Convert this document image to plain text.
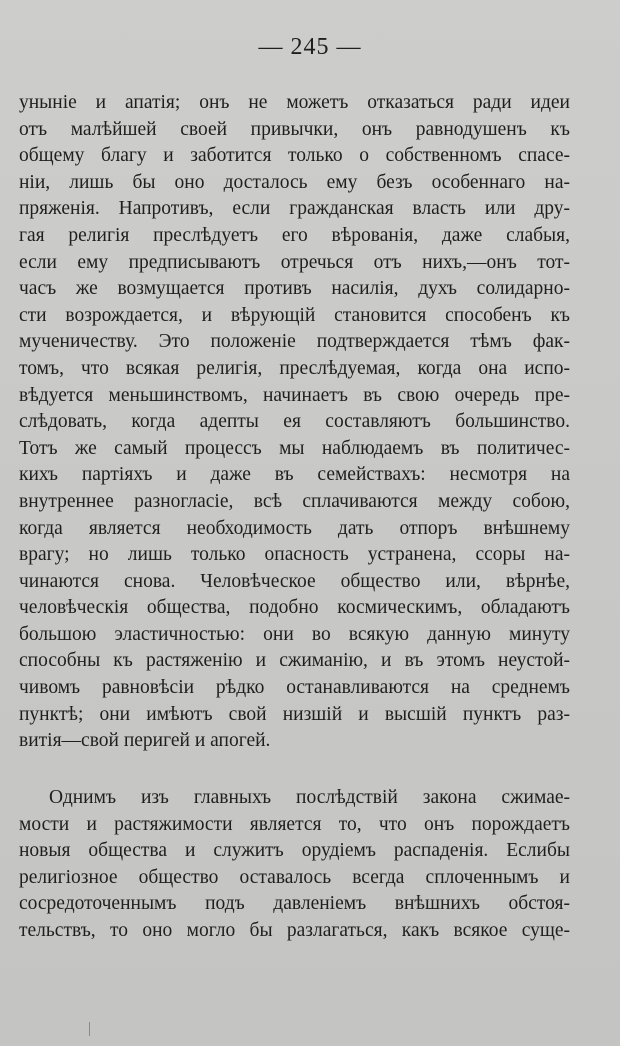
— 245 —
унынiе и апатiя; онъ не можетъ отказаться ради идеи
отъ малѣйшей своей привычки, онъ равнодушенъ къ
общему благу и заботится только о собственномъ спасе-
нiи, лишь бы оно досталось ему безъ особеннаго на-
пряженiя. Напротивъ, если гражданская власть или дру-
гая религiя преслѣдуетъ его вѣрованiя, даже слабыя,
если ему предписываютъ отречься отъ нихъ,—онъ тот-
часъ же возмущается противъ насилiя, духъ солидарно-
сти возрождается, и вѣрующiй становится способенъ къ
мученичеству. Это положенiе подтверждается тѣмъ фак-
томъ, что всякая религiя, преслѣдуемая, когда она испо-
вѣдуется меньшинствомъ, начинаетъ въ свою очередь пре-
слѣдовать, когда адепты ея составляютъ большинство.
Тотъ же самый процессъ мы наблюдаемъ въ политичес-
кихъ партiяхъ и даже въ семействахъ: несмотря на
внутреннее разногласiе, всѣ сплачиваются между собою,
когда является необходимость дать отпоръ внѣшнему
врагу; но лишь только опасность устранена, ссоры на-
чинаются снова. Человѣческое общество или, вѣрнѣе,
человѣческiя общества, подобно космическимъ, обладаютъ
большою эластичностью: они во всякую данную минуту
способны къ растяженiю и сжиманiю, и въ этомъ неустой-
чивомъ равновѣсiи рѣдко останавливаются на среднемъ
пунктѣ; они имѣютъ свой низшiй и высшiй пунктъ раз-
витiя—свой перигей и апогей.
Однимъ изъ главныхъ послѣдствiй закона сжимае-
мости и растяжимости является то, что онъ порождаетъ
новыя общества и служитъ орудiемъ распаденiя. Еслибы
религiозное общество оставалось всегда сплоченнымъ и
сосредоточеннымъ подъ давленiемъ внѣшнихъ обстоя-
тельствъ, то оно могло бы разлагаться, какъ всякое суще-
